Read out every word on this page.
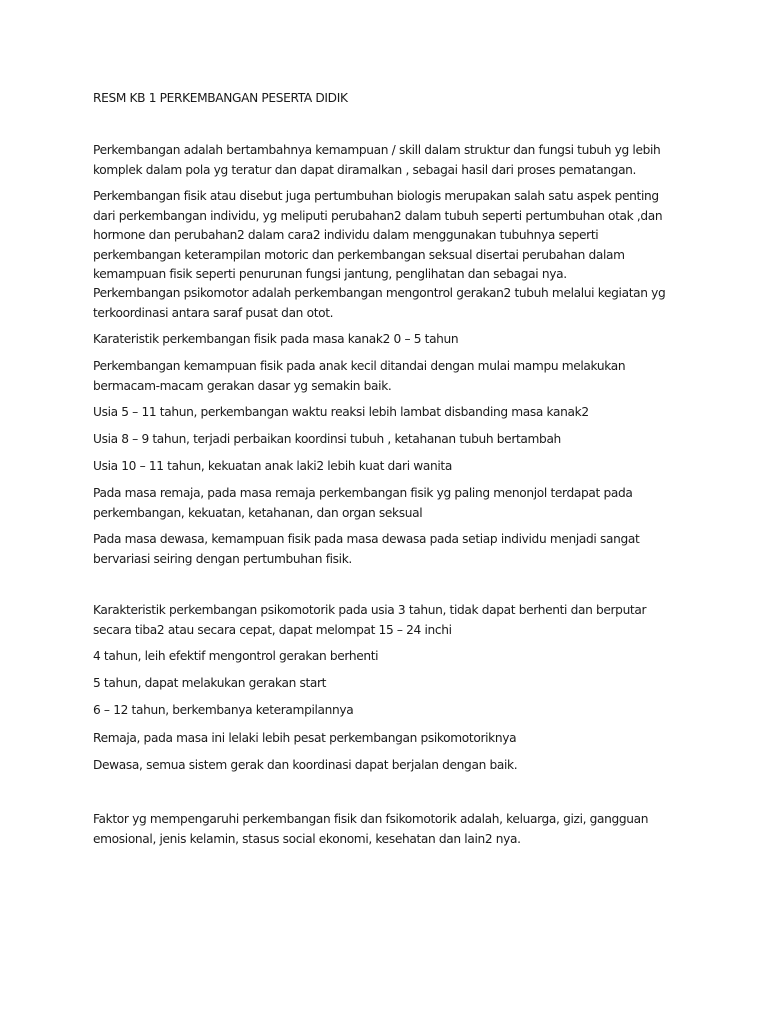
RESM KB 1 PERKEMBANGAN PESERTA DIDIK

Perkembangan adalah bertambahnya kemampuan / skill dalam struktur dan fungsi tubuh yg lebih
komplek dalam pola yg teratur dan dapat diramalkan , sebagai hasil dari proses pematangan.

Perkembangan fisik atau disebut juga pertumbuhan biologis merupakan salah satu aspek penting
dari perkembangan individu, yg meliputi perubahan2 dalam tubuh seperti pertumbuhan otak ,dan
hormone dan perubahan2 dalam cara2 individu dalam menggunakan tubuhnya seperti
perkembangan keterampilan motoric dan perkembangan seksual disertai perubahan dalam
kemampuan fisik seperti penurunan fungsi jantung, penglihatan dan sebagai nya.

Perkembangan psikomotor adalah perkembangan mengontrol gerakan2 tubuh melalui kegiatan yg
terkoordinasi antara saraf pusat dan otot.

Karateristik perkembangan fisik pada masa kanak2 0 – 5 tahun

Perkembangan kemampuan fisik pada anak kecil ditandai dengan mulai mampu melakukan
bermacam-macam gerakan dasar yg semakin baik.

Usia 5 – 11 tahun, perkembangan waktu reaksi lebih lambat disbanding masa kanak2

Usia 8 – 9 tahun, terjadi perbaikan koordinsi tubuh , ketahanan tubuh bertambah

Usia 10 – 11 tahun, kekuatan anak laki2 lebih kuat dari wanita

Pada masa remaja, pada masa remaja perkembangan fisik yg paling menonjol terdapat pada
perkembangan, kekuatan, ketahanan, dan organ seksual

Pada masa dewasa, kemampuan fisik pada masa dewasa pada setiap individu menjadi sangat
bervariasi seiring dengan pertumbuhan fisik.

Karakteristik perkembangan psikomotorik pada usia 3 tahun, tidak dapat berhenti dan berputar
secara tiba2 atau secara cepat, dapat melompat 15 – 24 inchi

4 tahun, leih efektif mengontrol gerakan berhenti

5 tahun, dapat melakukan gerakan start

6 – 12 tahun, berkembanya keterampilannya

Remaja, pada masa ini lelaki lebih pesat perkembangan psikomotoriknya

Dewasa, semua sistem gerak dan koordinasi dapat berjalan dengan baik.

Faktor yg mempengaruhi perkembangan fisik dan fsikomotorik adalah, keluarga, gizi, gangguan
emosional, jenis kelamin, stasus social ekonomi, kesehatan dan lain2 nya.
